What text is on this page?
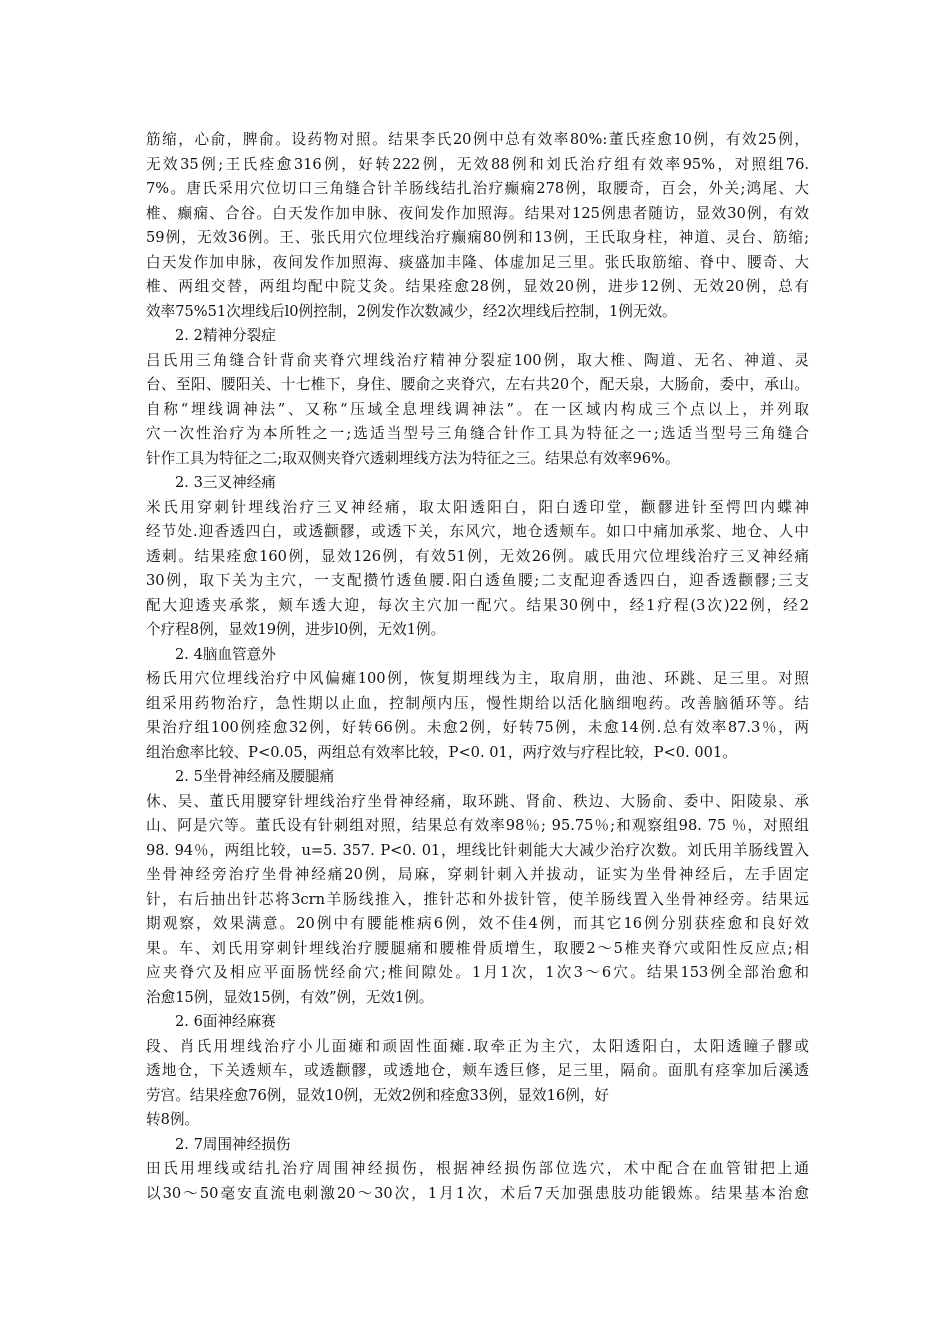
筋缩，心俞，脾俞。设药物对照。结果李氏20例中总有效率80%:董氏痊愈10例，有效25例，
无效35例;王氏痊愈316例，好转222例，无效88例和刘氏治疗组有效率95%，对照组76.
7%。唐氏采用穴位切口三角缝合针羊肠线结扎治疗癫痫278例，取腰奇，百会，外关;鸿尾、大
椎、癫痫、合谷。白天发作加申脉、夜间发作加照海。结果对125例患者随访，显效30例，有效
59例，无效36例。王、张氏用穴位埋线治疗癫痫80例和13例，王氏取身柱，神道、灵台、筋缩;
白天发作加申脉，夜间发作加照海、痰盛加丰隆、体虚加足三里。张氏取筋缩、脊中、腰奇、大
椎、两组交替，两组均配中院艾灸。结果痊愈28例，显效20例，进步12例、无效20例，总有
效率75%51次埋线后l0例控制，2例发作次数减少，经2次埋线后控制，1例无效。
2. 2精神分裂症
吕氏用三角缝合针背俞夹脊穴埋线治疗精神分裂症100例，取大椎、陶道、无名、神道、灵
台、至阳、腰阳关、十七椎下，身住、腰俞之夹脊穴，左右共20个，配天泉，大肠俞，委中，承山。
自称“埋线调神法”、又称“压域全息埋线调神法”。在一区域内构成三个点以上，并列取
穴一次性治疗为本所牲之一;选适当型号三角缝合针作工具为特征之一;选适当型号三角缝合
针作工具为特征之二;取双侧夹脊穴透刺埋线方法为特征之三。结果总有效率96%。
2. 3三叉神经痛
米氏用穿刺针埋线治疗三叉神经痛，取太阳透阳白，阳白透印堂，颧髎进针至愕凹内蝶神
经节处.迎香透四白，或透颧髎，或透下关，东风穴，地仓透颊车。如口中痛加承浆、地仓、人中
透刺。结果痊愈160例，显效126例，有效51例，无效26例。戚氏用穴位埋线治疗三叉神经痛
30例，取下关为主穴，一支配攒竹透鱼腰.阳白透鱼腰;二支配迎香透四白，迎香透颧髎;三支
配大迎透夹承浆，颊车透大迎，每次主穴加一配穴。结果30例中，经1疗程(3次)22例，经2
个疗程8例，显效19例，进步l0例，无效1例。
2. 4脑血管意外
杨氏用穴位埋线治疗中风偏瘫100例，恢复期埋线为主，取肩朋，曲池、环跳、足三里。对照
组采用药物治疗，急性期以止血，控制颅内压，慢性期给以活化脑细咆药。改善脑循环等。结
果治疗组100例痊愈32例，好转66例。未愈2例，好转75例，未愈14例.总有效率87.3％，两
组治愈率比较、P<0.05，两组总有效率比较，P<0. 01，两疗效与疗程比较，P<0. 001。
2. 5坐骨神经痛及腰腿痛
休、吴、董氏用腰穿针埋线治疗坐骨神经痛，取环跳、肾俞、秩边、大肠俞、委中、阳陵泉、承
山、阿是穴等。董氏设有针刺组对照，结果总有效率98％; 95.75％;和观察组98. 75 ％，对照组
98. 94％，两组比较，u=5. 357. P<0. 01，埋线比针刺能大大减少治疗次数。刘氏用羊肠线置入
坐骨神经旁治疗坐骨神经痛20例，局麻，穿刺针刺入并拔动，证实为坐骨神经后，左手固定
针，右后抽出针芯将3crn羊肠线推入，推针芯和外拔针管，使羊肠线置入坐骨神经旁。结果远
期观察，效果满意。20例中有腰能椎病6例，效不佳4例，而其它16例分别获痊愈和良好效
果。车、刘氏用穿刺针埋线治疗腰腿痛和腰椎骨质增生，取腰2～5椎夹脊穴或阳性反应点;相
应夹脊穴及相应平面肠恍经俞穴;椎间隙处。1月1次，1次3～6穴。结果153例全部治愈和
治愈15例，显效15例，有效”例，无效1例。
2. 6面神经麻赛
段、肖氏用埋线治疗小儿面瘫和顽固性面瘫.取牵正为主穴，太阳透阳白，太阳透瞳子髎或
透地仓，下关透颊车，或透颧髎，或透地仓，颊车透巨修，足三里，隔俞。面肌有痉挛加后溪透
劳宫。结果痊愈76例，显效10例，无效2例和痊愈33例，显效16例，好
转8例。
2. 7周围神经损伤
田氏用埋线或结扎治疗周围神经损伤，根据神经损伤部位选穴，术中配合在血管钳把上通
以30～50毫安直流电刺激20～30次，1月1次，术后7天加强患肢功能锻炼。结果基本治愈
